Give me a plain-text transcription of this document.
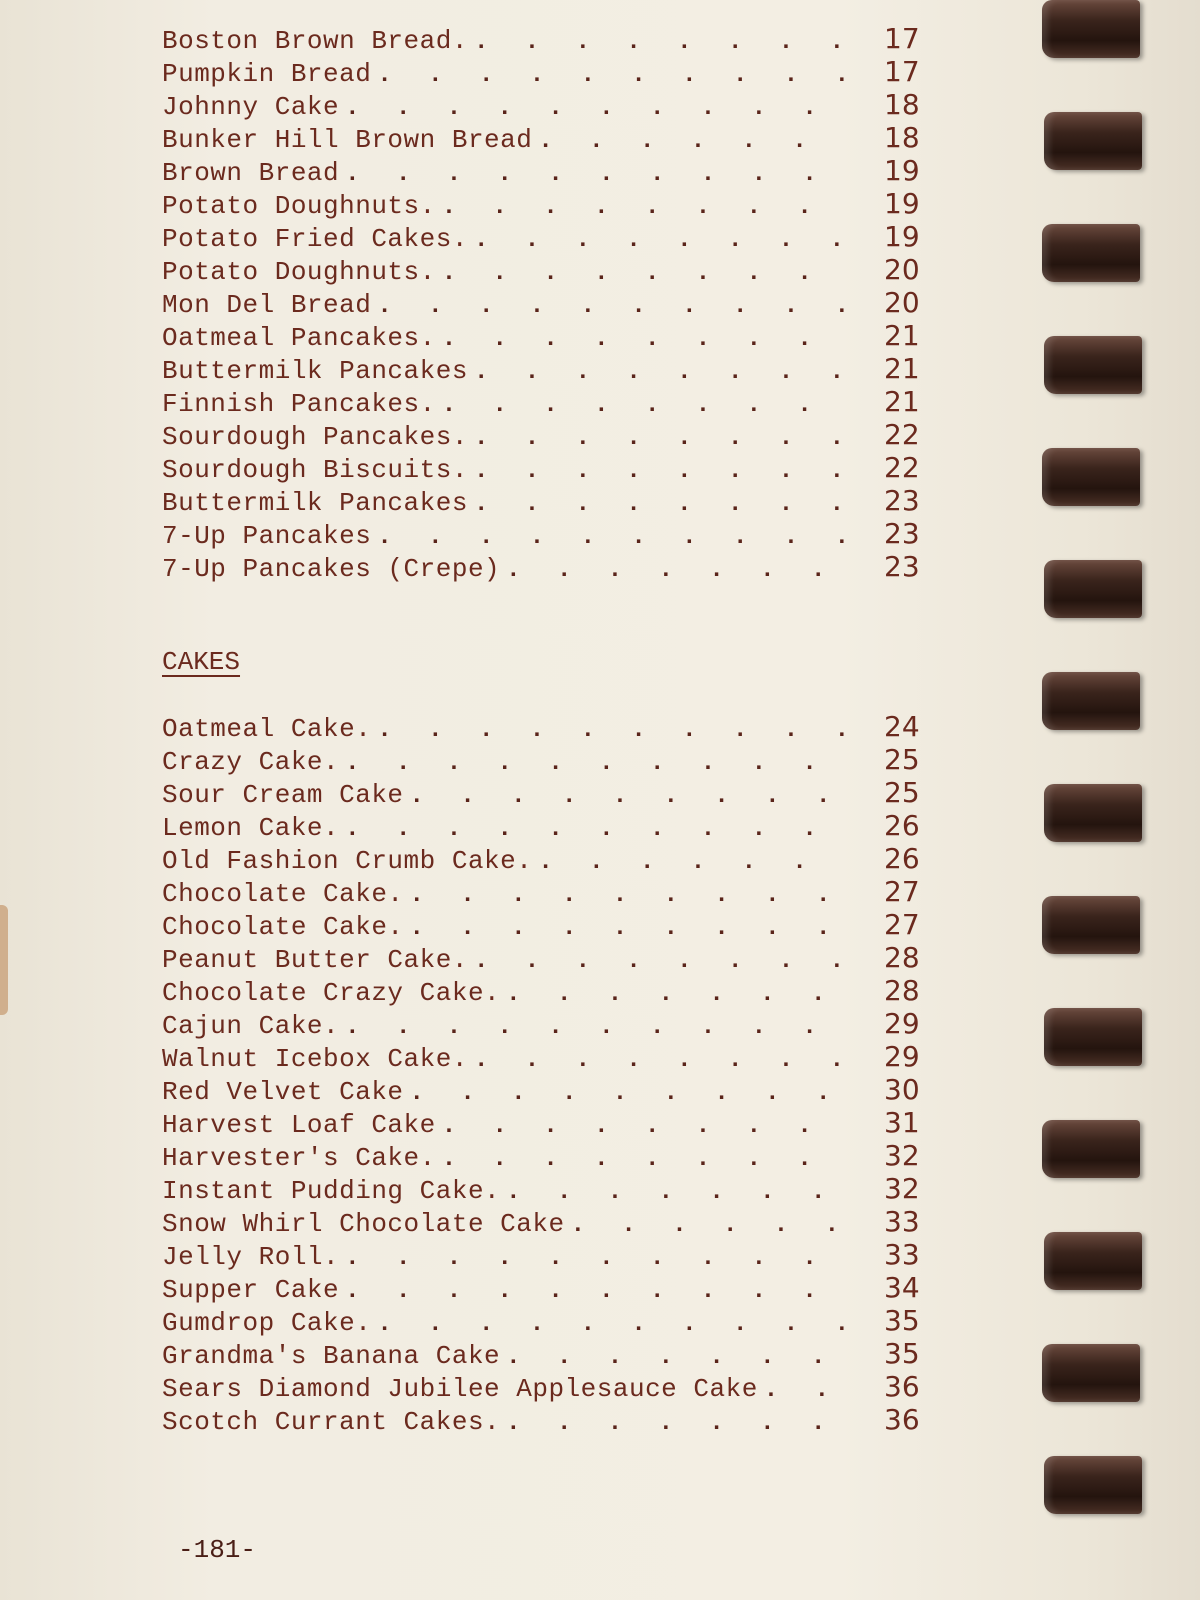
Boston Brown Bread. . . .	17
Pumpkin Bread . . .	17
Johnny Cake . . .	18
Bunker Hill Brown Bread . . .	18
Brown Bread . . .	19
Potato Doughnuts. . . .	19
Potato Fried Cakes. . . .	19
Potato Doughnuts. . . .	20
Mon Del Bread . . .	20
Oatmeal Pancakes. . . .	21
Buttermilk Pancakes . . .	21
Finnish Pancakes. . . .	21
Sourdough Pancakes. . . .	22
Sourdough Biscuits. . . .	22
Buttermilk Pancakes . . .	23
7-Up Pancakes . . .	23
7-Up Pancakes (Crepe) . . .	23
CAKES
Oatmeal Cake. . . .	24
Crazy Cake. . . .	25
Sour Cream Cake . . .	25
Lemon Cake. . . .	26
Old Fashion Crumb Cake. . . .	26
Chocolate Cake. . . .	27
Chocolate Cake. . . .	27
Peanut Butter Cake. . . .	28
Chocolate Crazy Cake. . . .	28
Cajun Cake. . . .	29
Walnut Icebox Cake. . . .	29
Red Velvet Cake . . .	30
Harvest Loaf Cake . . .	31
Harvester's Cake. . . .	32
Instant Pudding Cake. . . .	32
Snow Whirl Chocolate Cake . . .	33
Jelly Roll. . . .	33
Supper Cake . . .	34
Gumdrop Cake. . . .	35
Grandma's Banana Cake . . .	35
Sears Diamond Jubilee Applesauce Cake . . .	36
Scotch Currant Cakes. . . .	36
-181-
